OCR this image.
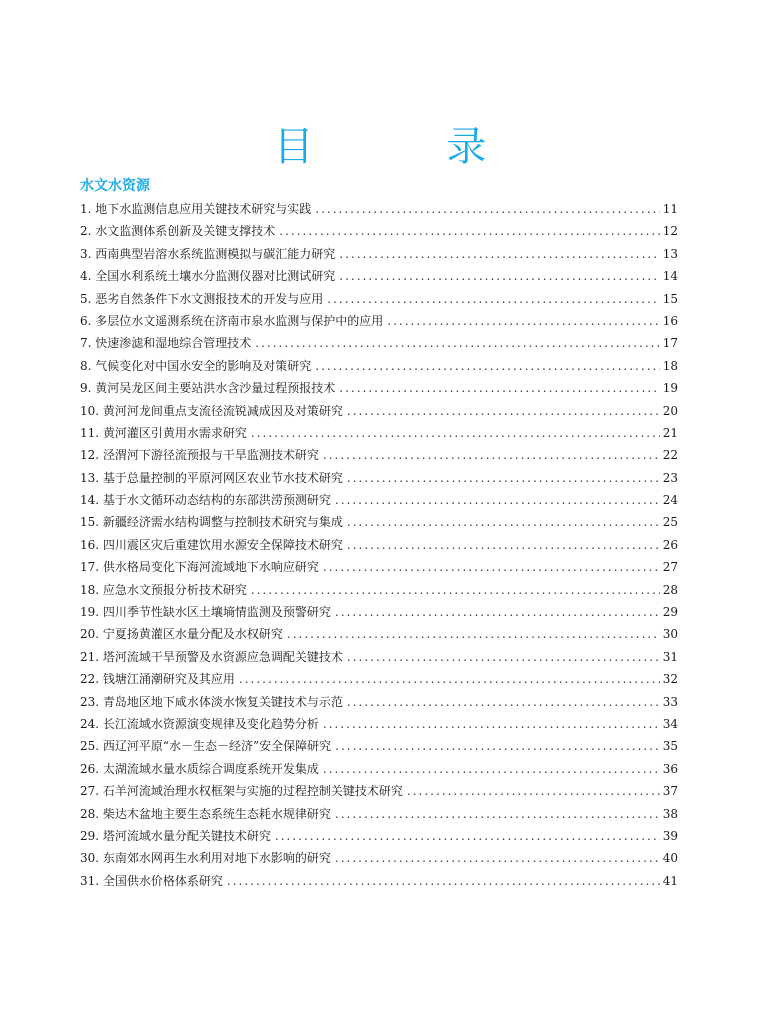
目 录
水文水资源
1. 地下水监测信息应用关键技术研究与实践 .....	11
2. 水文监测体系创新及关键支撑技术 .....	12
3. 西南典型岩溶水系统监测模拟与碳汇能力研究 .....	13
4. 全国水利系统土壤水分监测仪器对比测试研究 .....	14
5. 恶劣自然条件下水文测报技术的开发与应用 .....	15
6. 多层位水文遥测系统在济南市泉水监测与保护中的应用 .....	16
7. 快速渗滤和湿地综合管理技术 .....	17
8. 气候变化对中国水安全的影响及对策研究 .....	18
9. 黄河吴龙区间主要站洪水含沙量过程预报技术 .....	19
10. 黄河河龙间重点支流径流锐减成因及对策研究 .....	20
11. 黄河灌区引黄用水需求研究 .....	21
12. 泾渭河下游径流预报与干旱监测技术研究 .....	22
13. 基于总量控制的平原河网区农业节水技术研究 .....	23
14. 基于水文循环动态结构的东部洪涝预测研究 .....	24
15. 新疆经济需水结构调整与控制技术研究与集成 .....	25
16. 四川震区灾后重建饮用水源安全保障技术研究 .....	26
17. 供水格局变化下海河流域地下水响应研究 .....	27
18. 应急水文预报分析技术研究 .....	28
19. 四川季节性缺水区土壤墒情监测及预警研究 .....	29
20. 宁夏扬黄灌区水量分配及水权研究 .....	30
21. 塔河流域干旱预警及水资源应急调配关键技术 .....	31
22. 钱塘江涌潮研究及其应用 .....	32
23. 青岛地区地下咸水体淡水恢复关键技术与示范 .....	33
24. 长江流域水资源演变规律及变化趋势分析 .....	34
25. 西辽河平原“水－生态－经济”安全保障研究 .....	35
26. 太湖流域水量水质综合调度系统开发集成 .....	36
27. 石羊河流域治理水权框架与实施的过程控制关键技术研究 .....	37
28. 柴达木盆地主要生态系统生态耗水规律研究 .....	38
29. 塔河流域水量分配关键技术研究 .....	39
30. 东南郊水网再生水利用对地下水影响的研究 .....	40
31. 全国供水价格体系研究 .....	41
